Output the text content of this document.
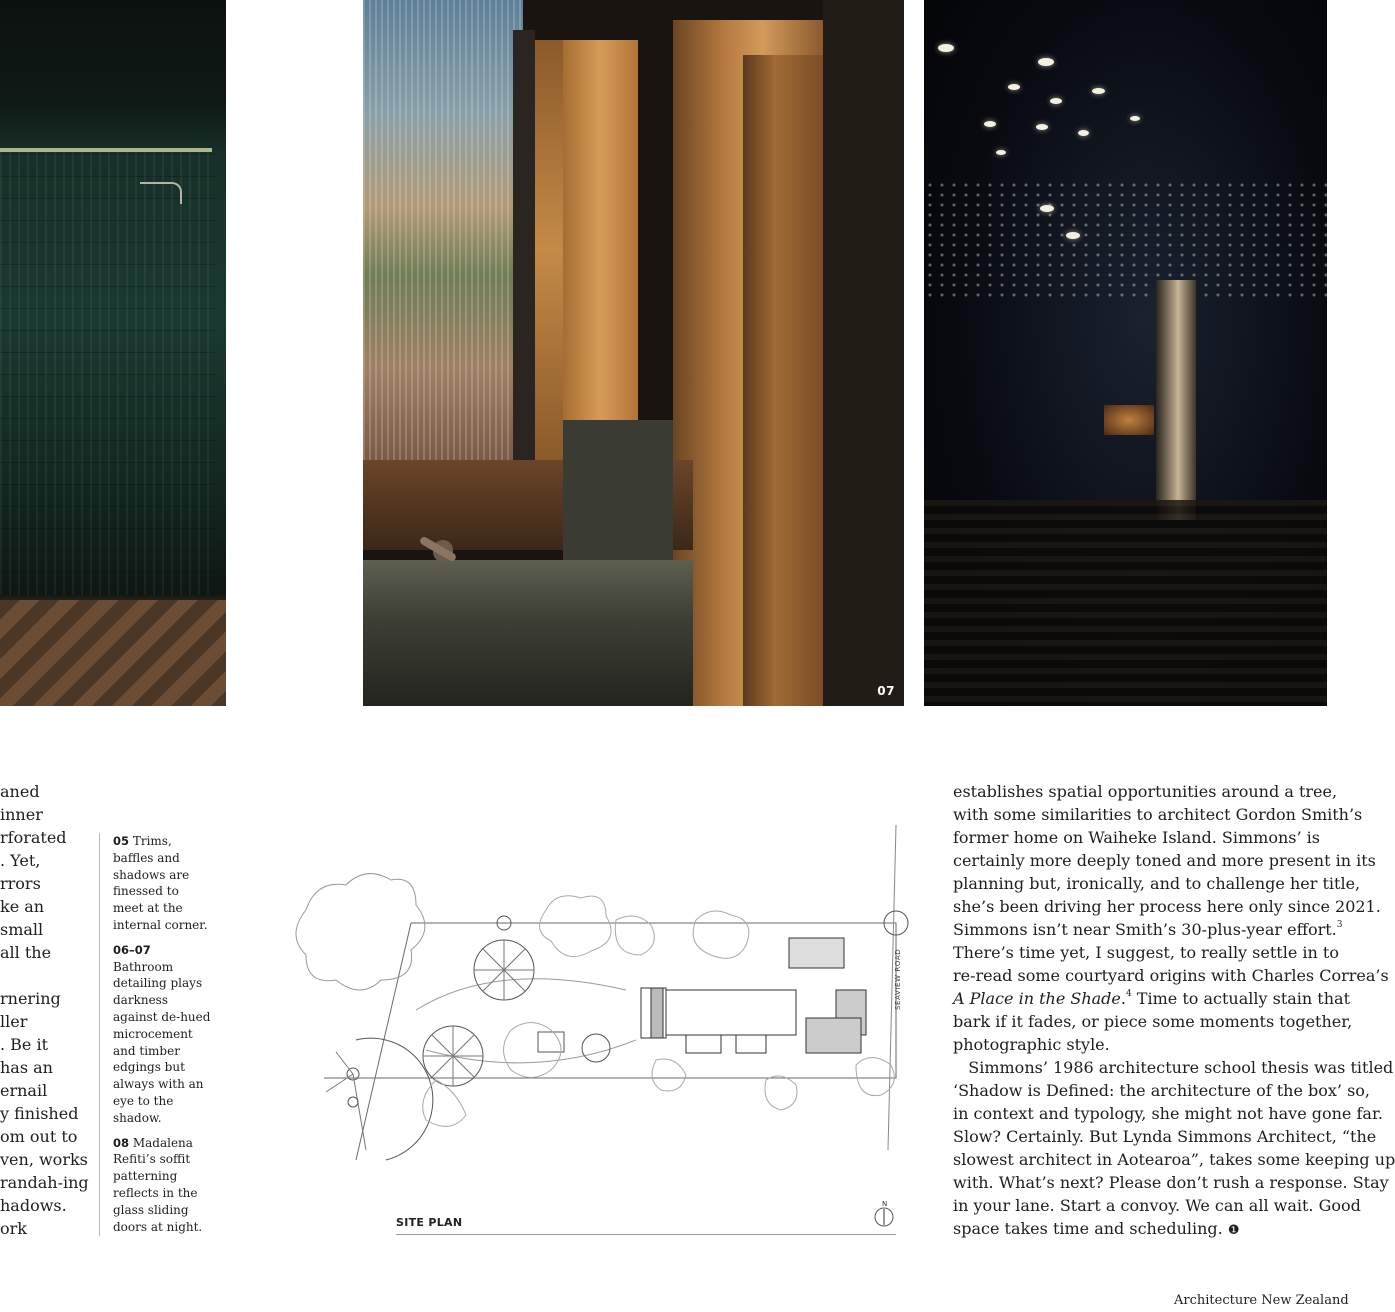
07
aned
inner
rforated
. Yet,
rrors
ke an
small
all the
rnering
ller
. Be it
has an
ernail
y finished
om out to
ven, works
randah-ing
hadows.
ork
05 Trims, baffles and shadows are finessed to meet at the internal corner.
06–07
Bathroom detailing plays darkness against de-hued microcement and timber edgings but always with an eye to the shadow.
08 Madalena Refiti’s soffit patterning reflects in the glass sliding doors at night.
SEAVIEW ROAD
N
SITE PLAN
establishes spatial opportunities around a tree,
with some similarities to architect Gordon Smith’s
former home on Waiheke Island. Simmons’ is
certainly more deeply toned and more present in its
planning but, ironically, and to challenge her title,
she’s been driving her process here only since 2021.
Simmons isn’t near Smith’s 30-plus-year effort.$^3$
There’s time yet, I suggest, to really settle in to
re-read some courtyard origins with Charles Correa’s
A Place in the Shade.$^4$ Time to actually stain that
bark if it fades, or piece some moments together,
photographic style.
Simmons’ 1986 architecture school thesis was titled
‘Shadow is Defined: the architecture of the box’ so,
in context and typology, she might not have gone far.
Slow? Certainly. But Lynda Simmons Architect, “the
slowest architect in Aotearoa”, takes some keeping up
with. What’s next? Please don’t rush a response. Stay
in your lane. Start a convoy. We can all wait. Good
space takes time and scheduling. ❶
Architecture New Zealand
